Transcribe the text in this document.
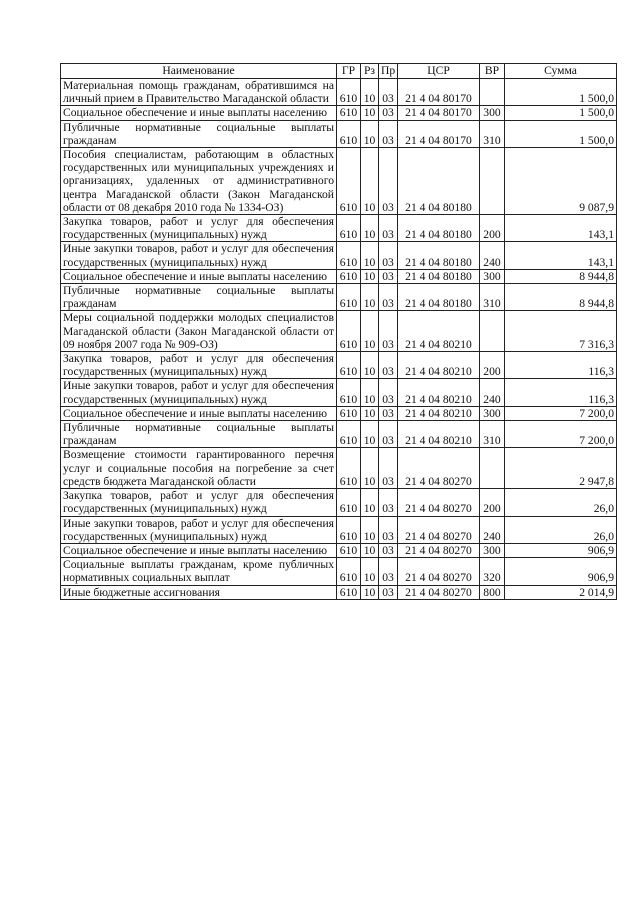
Наименование	ГР	Рз	Пр	ЦСР	ВР	Сумма
Материальная помощь гражданам, обратившимся на личный прием в Правительство Магаданской области	610	10	03	21 4 04 80170		1 500,0
Социальное обеспечение и иные выплаты населению	610	10	03	21 4 04 80170	300	1 500,0
Публичные нормативные социальные выплаты гражданам	610	10	03	21 4 04 80170	310	1 500,0
Пособия специалистам, работающим в областных государственных или муниципальных учреждениях и организациях, удаленных от административного центра Магаданской области (Закон Магаданской области от 08 декабря 2010 года № 1334-ОЗ)	610	10	03	21 4 04 80180		9 087,9
Закупка товаров, работ и услуг для обеспечения государственных (муниципальных) нужд	610	10	03	21 4 04 80180	200	143,1
Иные закупки товаров, работ и услуг для обеспечения государственных (муниципальных) нужд	610	10	03	21 4 04 80180	240	143,1
Социальное обеспечение и иные выплаты населению	610	10	03	21 4 04 80180	300	8 944,8
Публичные нормативные социальные выплаты гражданам	610	10	03	21 4 04 80180	310	8 944,8
Меры социальной поддержки молодых специалистов Магаданской области (Закон Магаданской области от 09 ноября 2007 года № 909-ОЗ)	610	10	03	21 4 04 80210		7 316,3
Закупка товаров, работ и услуг для обеспечения государственных (муниципальных) нужд	610	10	03	21 4 04 80210	200	116,3
Иные закупки товаров, работ и услуг для обеспечения государственных (муниципальных) нужд	610	10	03	21 4 04 80210	240	116,3
Социальное обеспечение и иные выплаты населению	610	10	03	21 4 04 80210	300	7 200,0
Публичные нормативные социальные выплаты гражданам	610	10	03	21 4 04 80210	310	7 200,0
Возмещение стоимости гарантированного перечня услуг и социальные пособия на погребение за счет средств бюджета Магаданской области	610	10	03	21 4 04 80270		2 947,8
Закупка товаров, работ и услуг для обеспечения государственных (муниципальных) нужд	610	10	03	21 4 04 80270	200	26,0
Иные закупки товаров, работ и услуг для обеспечения государственных (муниципальных) нужд	610	10	03	21 4 04 80270	240	26,0
Социальное обеспечение и иные выплаты населению	610	10	03	21 4 04 80270	300	906,9
Социальные выплаты гражданам, кроме публичных нормативных социальных выплат	610	10	03	21 4 04 80270	320	906,9
Иные бюджетные ассигнования	610	10	03	21 4 04 80270	800	2 014,9
